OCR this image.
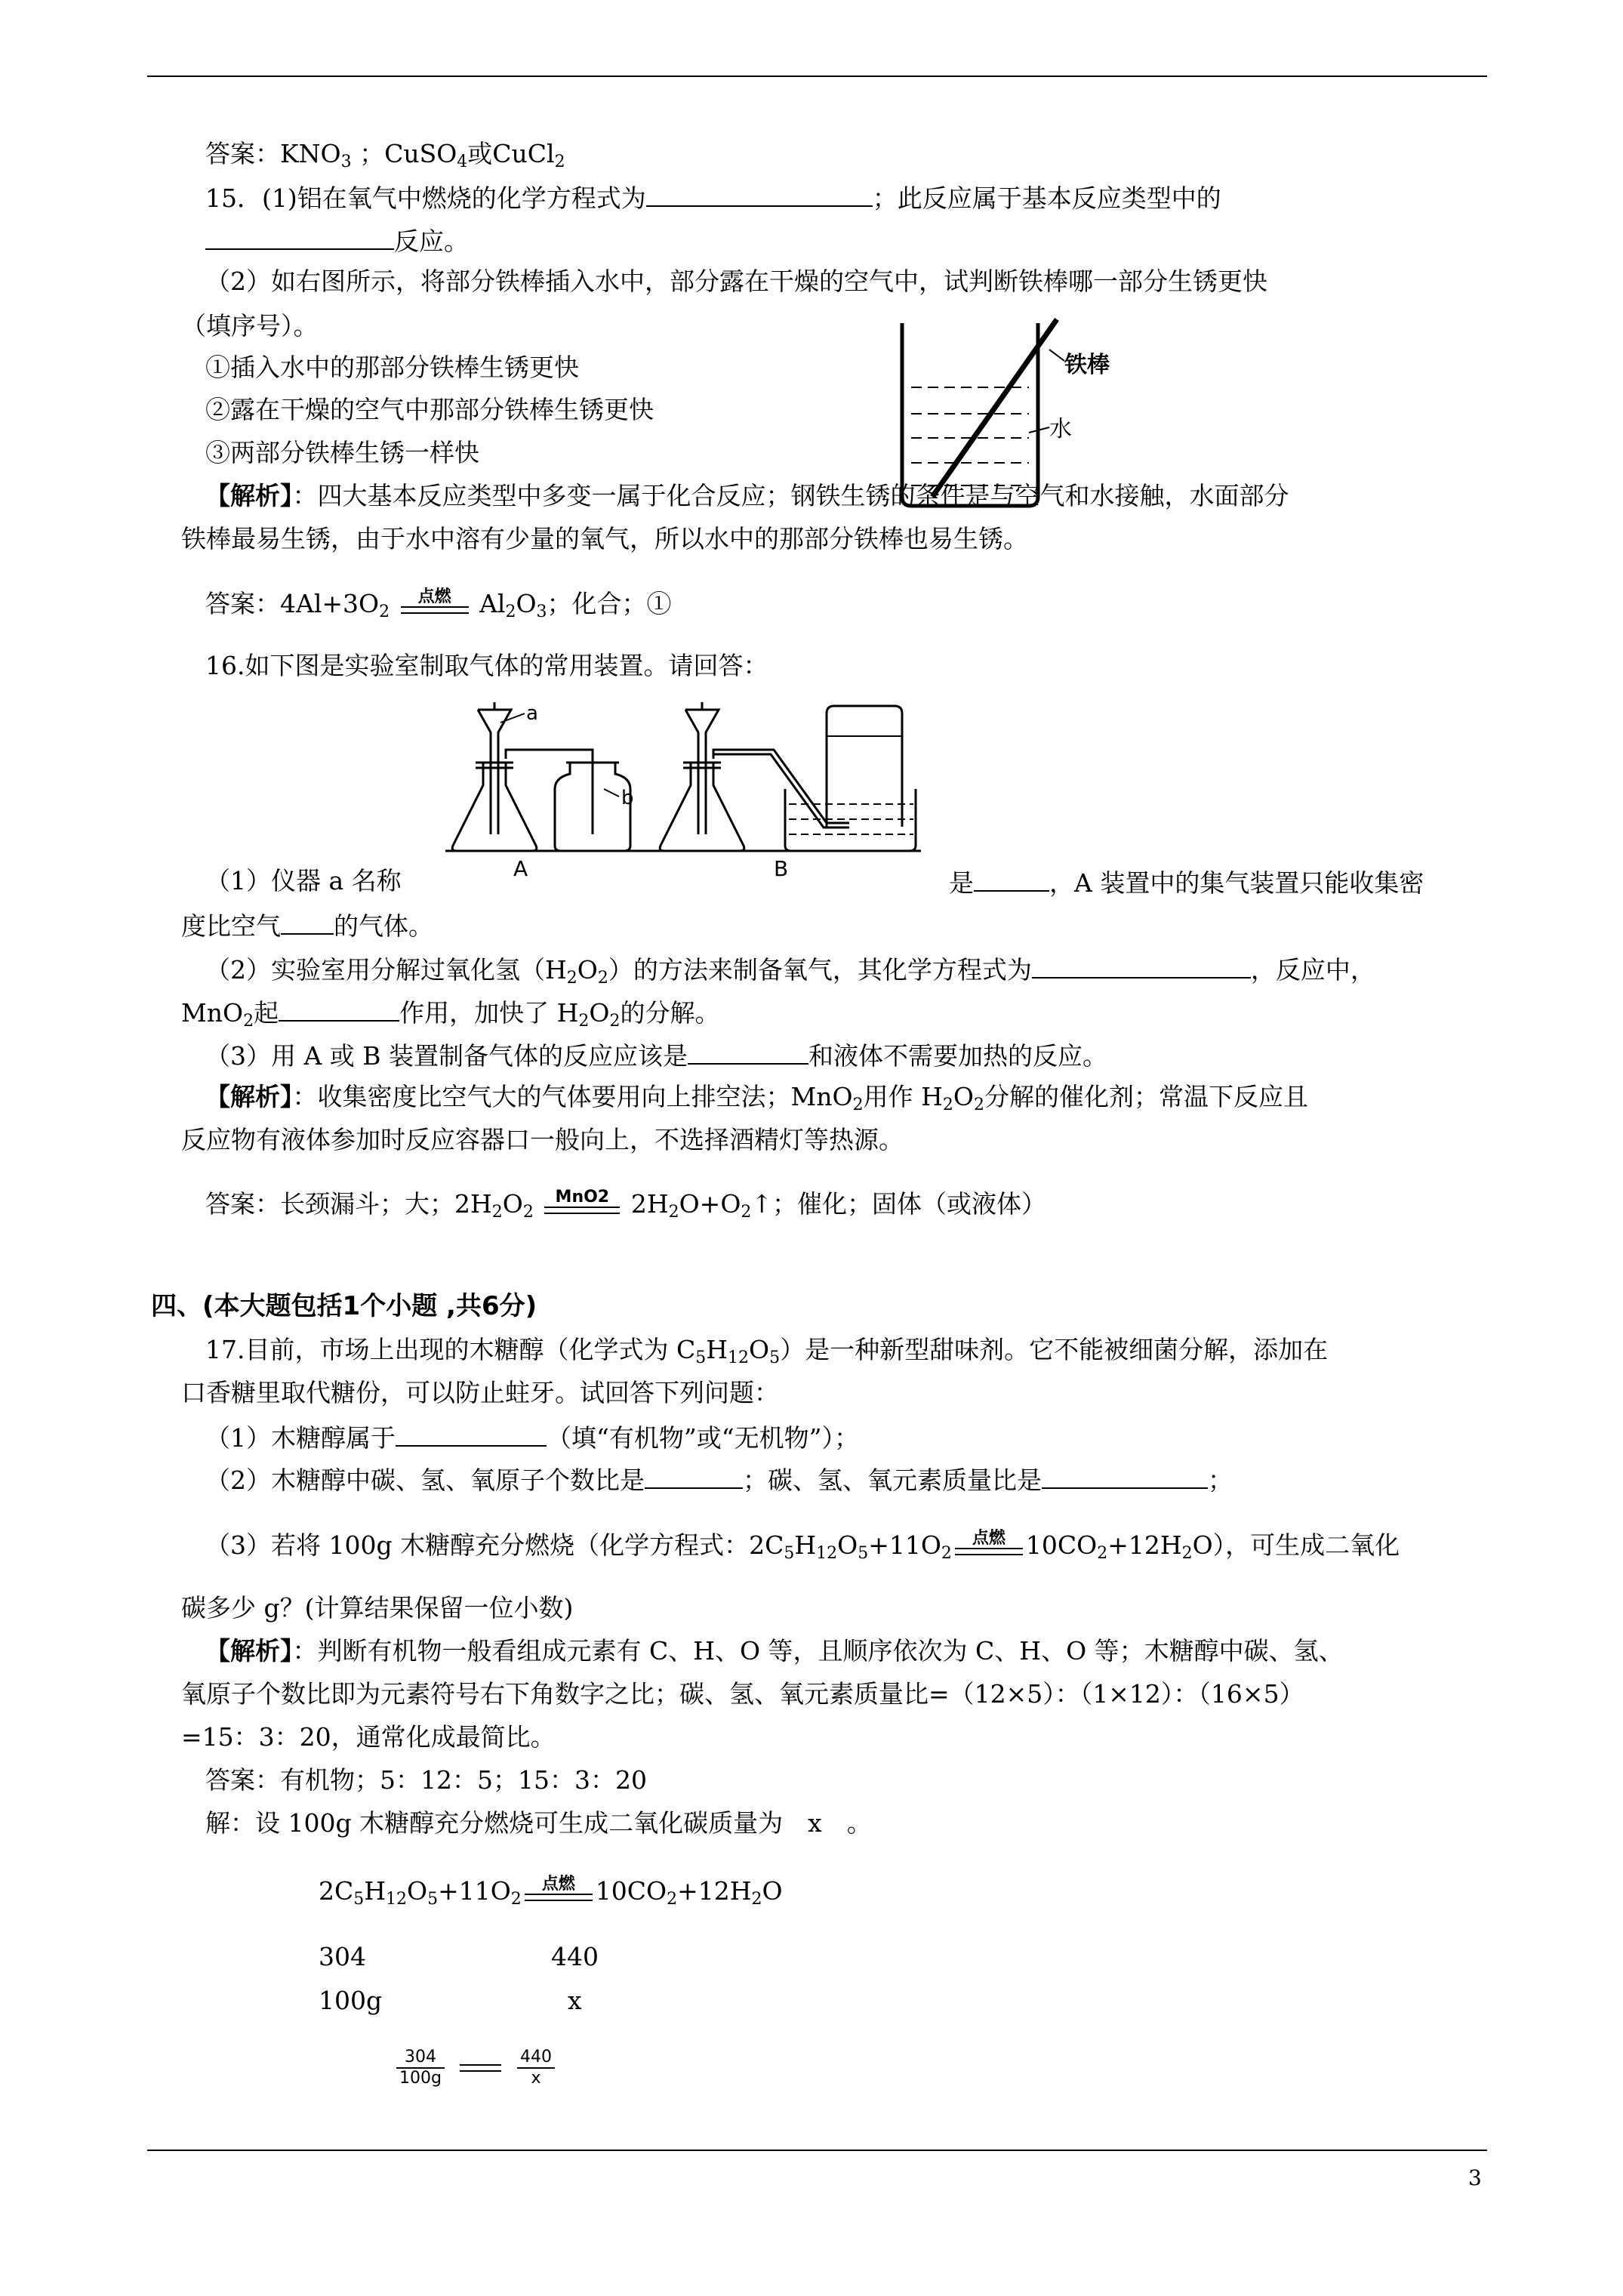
答案：$KNO_3$ ；CuSO$_4$或CuCl$_2$
15．(1)铝在氧气中燃烧的化学方程式为	；此反应属于基本反应类型中的
反应。
（2）如右图所示，将部分铁棒插入水中，部分露在干燥的空气中，试判断铁棒哪一部分生锈更快
（填序号）。
①插入水中的那部分铁棒生锈更快
②露在干燥的空气中那部分铁棒生锈更快
③两部分铁棒生锈一样快
铁棒
水
【解析】：四大基本反应类型中多变一属于化合反应；钢铁生锈的条件是与空气和水接触，水面部分
铁棒最易生锈，由于水中溶有少量的氧气，所以水中的那部分铁棒也易生锈。
答案：$4Al+3O_2$
点燃	$Al_2O_3$；化合；①
16.如下图是实验室制取气体的常用装置。请回答：
a
b
A	B
（1）仪器 a 名称	是	，A 装置中的集气装置只能收集密
度比空气 的气体。
（2）实验室用分解过氧化氢$(H_2O_2)$的方法来制备氧气，其化学方程式为	，反应中，
MnO$_2$起	作用，加快了 $H_2O_2$的分解。
（3）用 A 或 B 装置制备气体的反应应该是	和液体不需要加热的反应。
【解析】：收集密度比空气大的气体要用向上排空法；MnO$_2$用作 $H_2O_2$分解的催化剂；常温下反应且
反应物有液体参加时反应容器口一般向上，不选择酒精灯等热源。
答案：长颈漏斗；大；$2H_2O_2$
MnO2 $2H_2O+O_2↑$；催化；固体（或液体）
四、(本大题包括1个小题 ,共6分)
17.目前，市场上出现的木糖醇（化学式为 $C_5H_{12}O_5$）是一种新型甜味剂。它不能被细菌分解，添加在
口香糖里取代糖份，可以防止蛀牙。试回答下列问题：
（1）木糖醇属于	（填“有机物”或“无机物”）；
（2）木糖醇中碳、氢、氧原子个数比是	；碳、氢、氧元素质量比是	；
（3）若将 100g 木糖醇充分燃烧（化学方程式：$2C_5H_{12}O_5+11O_2$
点燃 $10CO_2+12H_2O$），可生成二氧化
碳多少 g？(计算结果保留一位小数)
【解析】：判断有机物一般看组成元素有 C、H、O 等，且顺序依次为 C、H、O 等；木糖醇中碳、氢、
氧原子个数比即为元素符号右下角数字之比；碳、氢、氧元素质量比=（12×5）：（1×12）：（16×5）
=15：3：20，通常化成最简比。
答案：有机物；5：12：5；15：3：20
解：设 100g 木糖醇充分燃烧可生成二氧化碳质量为　x　。
$2C_5H_{12}O_5+11O_2$
点燃 $10CO_2+12H_2O$
304	440
100g	x
$\frac{304}{100g}$
	$\frac{440}{x}$
3
